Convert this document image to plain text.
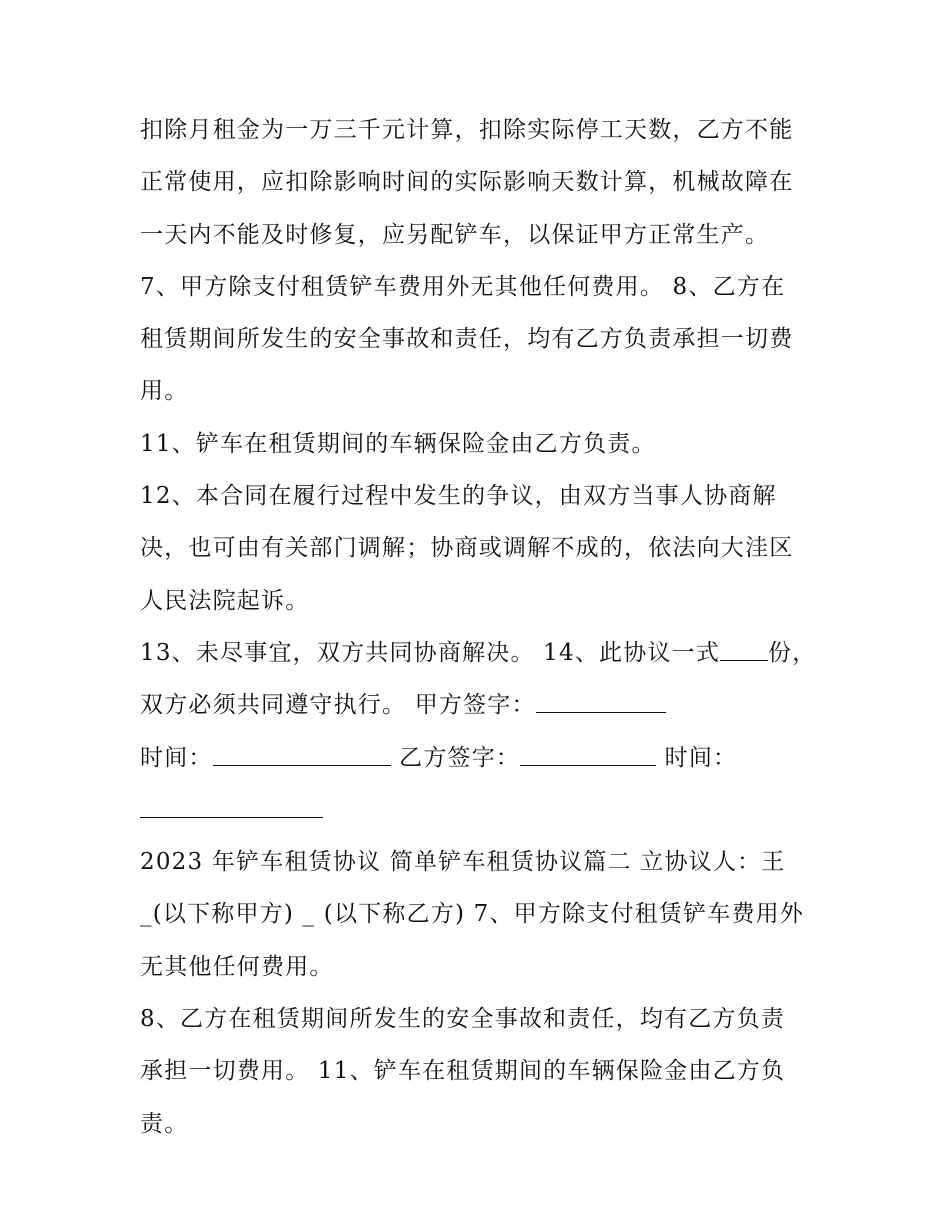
扣除月租金为一万三千元计算，扣除实际停工天数，乙方不能
正常使用，应扣除影响时间的实际影响天数计算，机械故障在
一天内不能及时修复，应另配铲车，以保证甲方正常生产。
7、甲方除支付租赁铲车费用外无其他任何费用。 8、乙方在
租赁期间所发生的安全事故和责任，均有乙方负责承担一切费
用。
11、铲车在租赁期间的车辆保险金由乙方负责。
12、本合同在履行过程中发生的争议，由双方当事人协商解
决，也可由有关部门调解；协商或调解不成的，依法向大洼区
人民法院起诉。
13、未尽事宜，双方共同协商解决。 14、此协议一式 份，
双方必须共同遵守执行。 甲方签字：
时间：	乙方签字：	时间：
2023 年铲车租赁协议 简单铲车租赁协议篇二 立协议人：王
_(以下称甲方) _ (以下称乙方) 7、甲方除支付租赁铲车费用外
无其他任何费用。
8、乙方在租赁期间所发生的安全事故和责任，均有乙方负责
承担一切费用。 11、铲车在租赁期间的车辆保险金由乙方负
责。
